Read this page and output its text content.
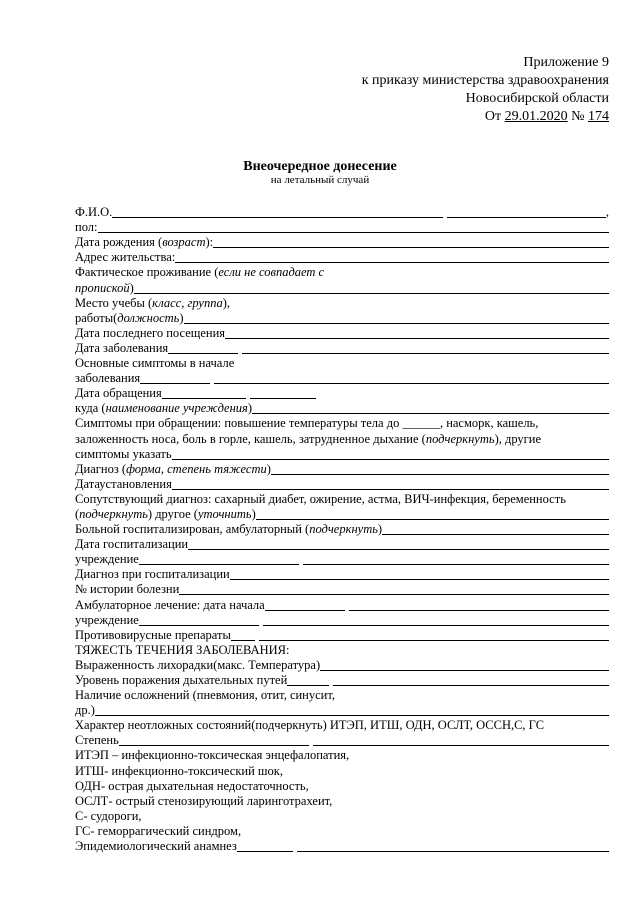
Приложение 9
к приказу министерства здравоохранения
Новосибирской области
От 29.01.2020 № 174
Внеочередное донесение
на летальный случай
Ф.И.О.	,
пол:
Дата рождения (возраст):
Адрес жительства:
Фактическое проживание (если не совпадает с
пропиской)
Место учебы (класс, группа),
работы(должность)
Дата последнего посещения
Дата заболевания
Основные симптомы в начале
заболевания
Дата обращения
куда (наименование учреждения)
Симптомы при обращении: повышение температуры тела до ______, насморк, кашель,
заложенность носа, боль в горле, кашель, затрудненное дыхание (подчеркнуть), другие
симптомы указать
Диагноз (форма, степень тяжести)
Датаустановления
Сопутствующий диагноз: сахарный диабет, ожирение, астма, ВИЧ-инфекция, беременность
(подчеркнуть) другое (уточнить)
Больной госпитализирован, амбулаторный (подчеркнуть)
Дата госпитализации
учреждение
Диагноз при госпитализации
№ истории болезни
Амбулаторное лечение: дата начала
учреждение
Противовирусные препараты
ТЯЖЕСТЬ ТЕЧЕНИЯ ЗАБОЛЕВАНИЯ:
Выраженность лихорадки(макс. Температура)
Уровень поражения дыхательных путей
Наличие осложнений (пневмония, отит, синусит,
др.)
Характер неотложных состояний(подчеркнуть) ИТЭП, ИТШ, ОДН, ОСЛТ, ОССН,С, ГС
Степень
ИТЭП – инфекционно-токсическая энцефалопатия,
ИТШ- инфекционно-токсический шок,
ОДН- острая дыхательная недостаточность,
ОСЛТ- острый стенозирующий ларинготрахеит,
С- судороги,
ГС- геморрагический синдром,
Эпидемиологический анамнез
